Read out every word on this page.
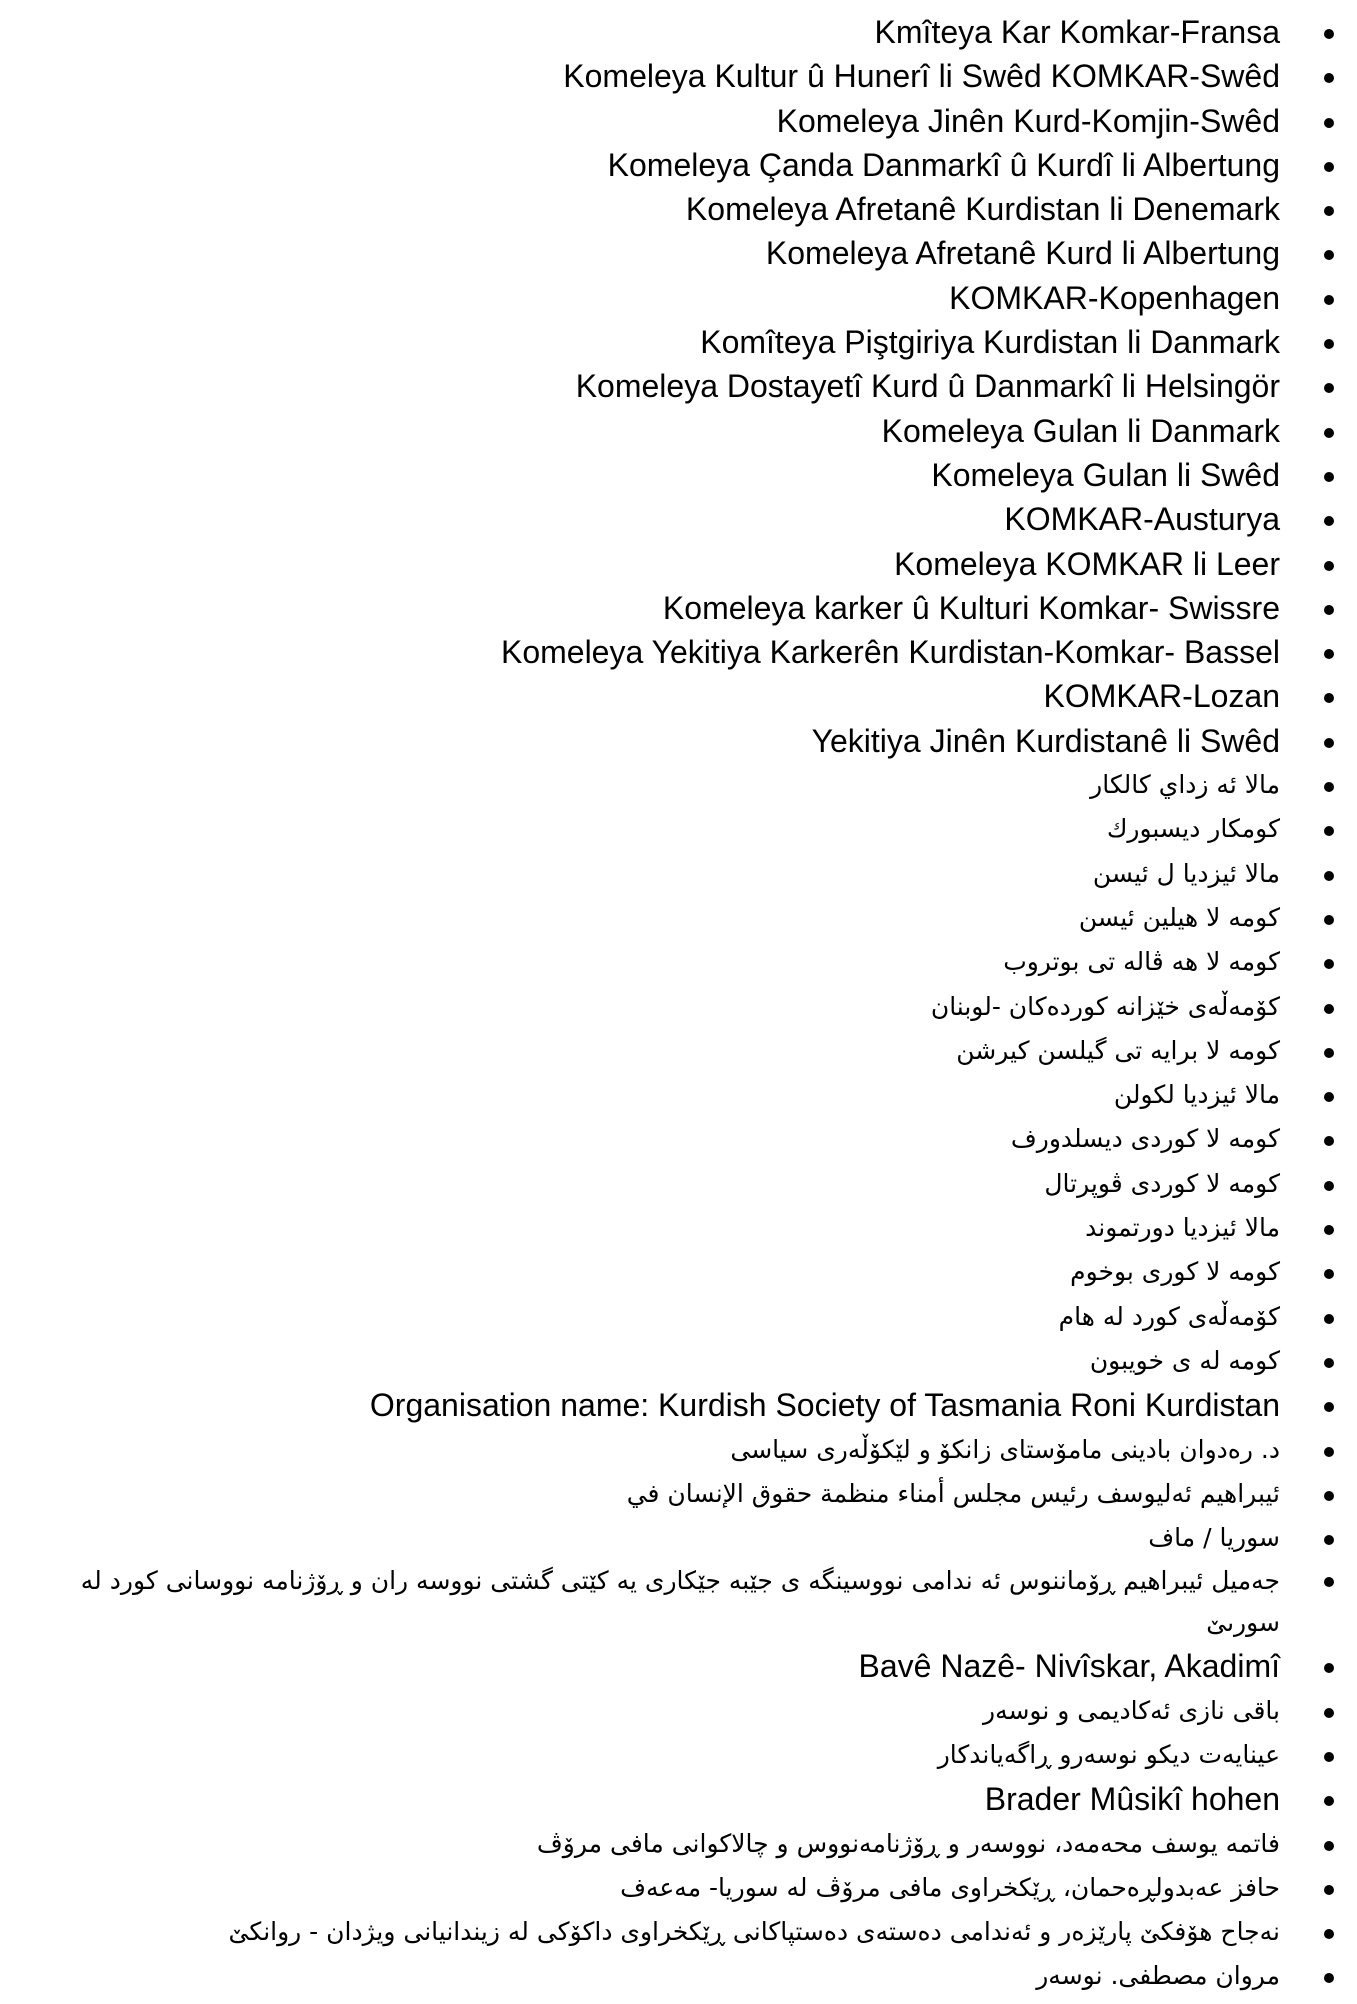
Kmîteya Kar Komkar-Fransa
Komeleya Kultur û Hunerî li Swêd KOMKAR-Swêd
Komeleya Jinên Kurd-Komjin-Swêd
Komeleya Çanda Danmarkî û Kurdî li Albertung
Komeleya Afretanê Kurdistan li Denemark
Komeleya Afretanê Kurd li Albertung
KOMKAR-Kopenhagen
Komîteya Piştgiriya Kurdistan li Danmark
Komeleya Dostayetî Kurd û Danmarkî li Helsingör
Komeleya Gulan li Danmark
Komeleya Gulan li Swêd
KOMKAR-Austurya
Komeleya KOMKAR li Leer
Komeleya karker û Kulturi Komkar- Swissre
Komeleya Yekitiya Karkerên Kurdistan-Komkar- Bassel
KOMKAR-Lozan
Yekitiya Jinên Kurdistanê li Swêd
مالا ئه زداي كالكار
كومكار ديسبورك
مالا ئيزديا ل ئيسن
كومه لا هيلين ئيسن
كومه لا هه ڤاله تى بوتروب
كۆمەڵەی خێزانە كوردەكان -لوبنان
كومه لا برايه تى گيلسن كيرشن
مالا ئيزديا لكولن
كومه لا كوردى ديسلدورف
كومه لا كوردى ڤوپرتال
مالا ئيزديا دورتموند
كومه لا كورى بوخوم
كۆمەڵەی كورد لە هام
كومه لە ى خويبون
Organisation name: Kurdish Society of Tasmania Roni Kurdistan
د. رەدوان بادينى مامۆستاى زانكۆ و لێكۆڵەرى سياسى
ئيبراهيم ئەليوسف رئيس مجلس أمناء منظمة حقوق الإنسان في
سوريا / ماف
جەميل ئيبراهيم ڕۆماننوس ئە ندامى نووسينگە ى جێبە جێكارى يە كێتى گشتى نووسە ران و ڕۆژنامە نووسانى كورد لە سورىێ
Bavê Nazê- Nivîskar, Akadimî
باقى نازى ئەكاديمى و نوسەر
عينايەت ديكو نوسەرو ڕاگەياندكار
Brader Mûsikî hohen
فاتمە يوسف محەمەد، نووسەر و ڕۆژنامەنووس و چالاكوانى مافى مرۆڤ
حافز عەبدولڕەحمان، ڕێكخراوى مافى مرۆڤ لە سوريا- مەعەف
نەجاح هۆفكێ پارێزەر و ئەندامى دەستەى دەستپاكانى ڕێكخراوى داكۆكى لە زيندانيانى ويژدان - روانكێ
مروان مصطفى. نوسەر
